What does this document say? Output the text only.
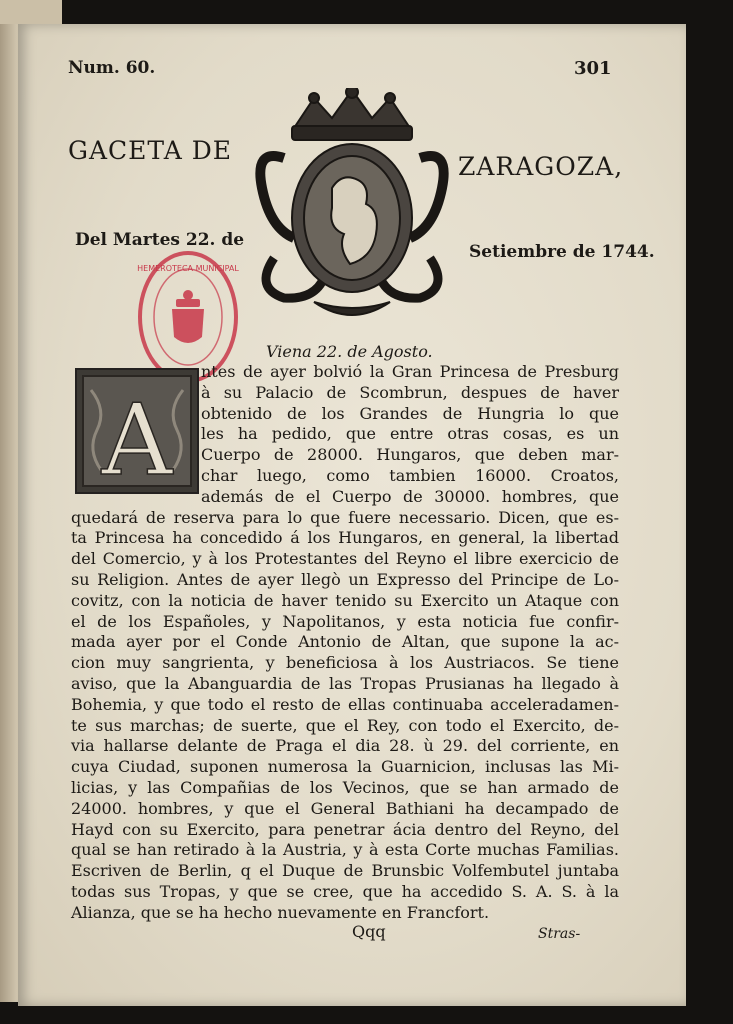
Num. 60.	301
GACETA DE
ZARAGOZA,
Del Martes 22. de
Setiembre de 1744.
HEMEROTECA MUNICIPAL
Viena 22. de Agosto.
A
ntes de ayer bolvió la Gran Princesa de Presburg
à su Palacio de Scombrun, despues de haver
obtenido de los Grandes de Hungria lo que
les ha pedido, que entre otras cosas, es un
Cuerpo de 28000. Hungaros, que deben mar-
char luego, como tambien 16000. Croatos,
además de el Cuerpo de 30000. hombres, que
quedará de reserva para lo que fuere necessario. Dicen, que es-
ta Princesa ha concedido á los Hungaros, en general, la libertad
del Comercio, y à los Protestantes del Reyno el libre exercicio de
su Religion. Antes de ayer llegò un Expresso del Principe de Lo-
covitz, con la noticia de haver tenido su Exercito un Ataque con
el de los Españoles, y Napolitanos, y esta noticia fue confir-
mada ayer por el Conde Antonio de Altan, que supone la ac-
cion muy sangrienta, y beneficiosa à los Austriacos. Se tiene
aviso, que la Abanguardia de las Tropas Prusianas ha llegado à
Bohemia, y que todo el resto de ellas continuaba acceleradamen-
te sus marchas; de suerte, que el Rey, con todo el Exercito, de-
via hallarse delante de Praga el dia 28. ù 29. del corriente, en
cuya Ciudad, suponen numerosa la Guarnicion, inclusas las Mi-
licias, y las Compañias de los Vecinos, que se han armado de
24000. hombres, y que el General Bathiani ha decampado de
Hayd con su Exercito, para penetrar ácia dentro del Reyno, del
qual se han retirado à la Austria, y à esta Corte muchas Familias.
Escriven de Berlin, q el Duque de Brunsbic Volfembutel juntaba
todas sus Tropas, y que se cree, que ha accedido S. A. S. à la
Alianza, que se ha hecho nuevamente en Francfort.
Qqq	Stras-
